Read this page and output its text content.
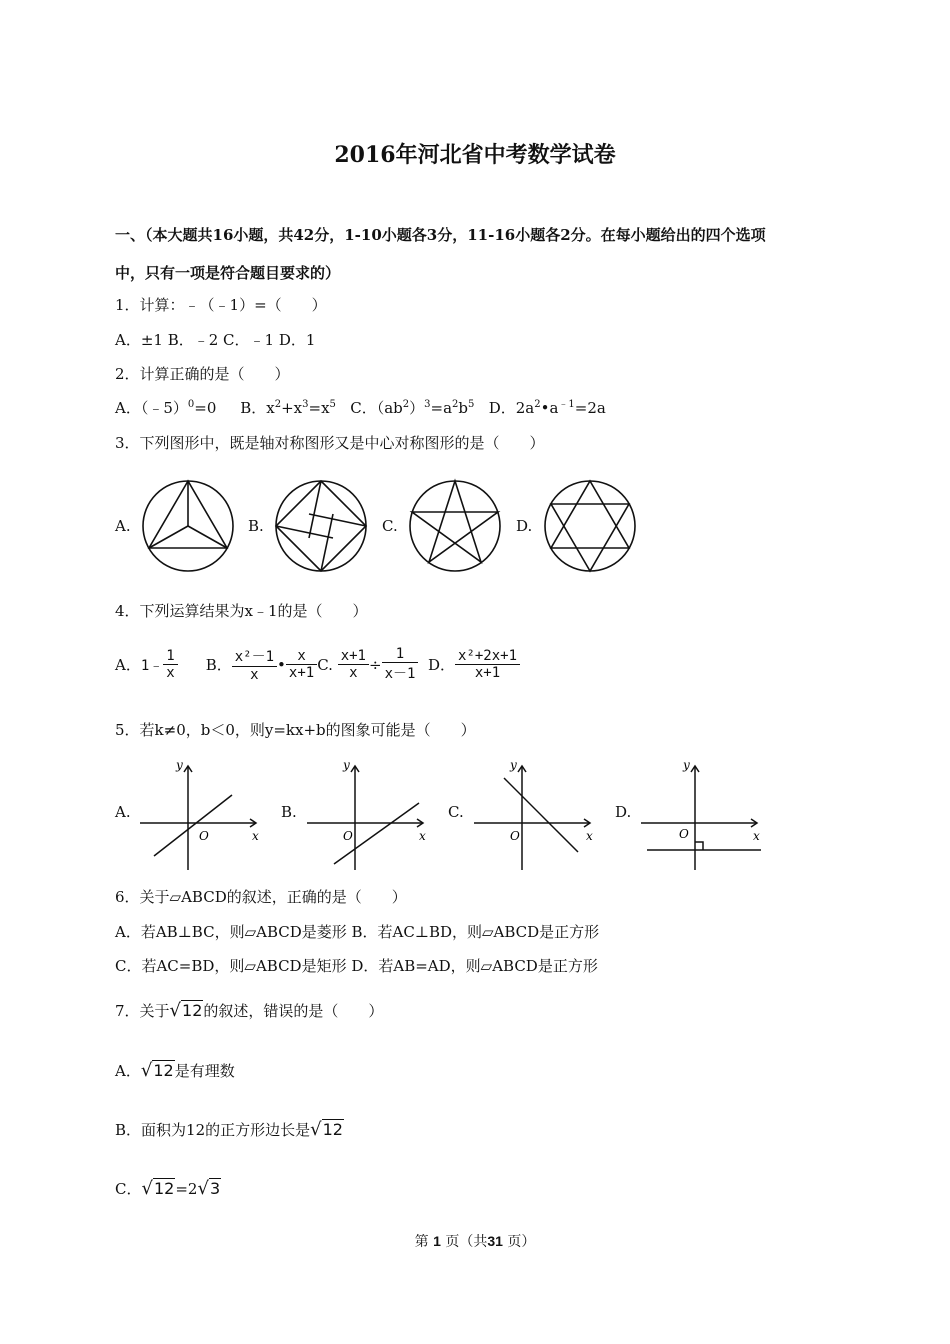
2016年河北省中考数学试卷
一、（本大题共16小题，共42分，1-10小题各3分，11-16小题各2分。在每小题给出的四个选项
中，只有一项是符合题目要求的）
1．计算：﹣（﹣1）=（　　）
A．±1 B．﹣2 C．﹣1 D．1
2．计算正确的是（　　）
A．（﹣5）$^0$=0 B．$x^2+x^3=x^5$ C．$(ab^2)^3=a^2b^5$ D．$2a^2•a^{﹣1}=2a$
3．下列图形中，既是轴对称图形又是中心对称图形的是（　　）
A.	B.	C.	D.
4．下列运算结果为x﹣1的是（　　）
A． 1﹣ $\frac{1}{x}$ B． $\frac{\text{x²－1}}{x}$ • $\frac{x}{x+1} C$.
$\frac{x+1}{x} \div \frac{1}{x-1}$
D． $\frac{\text{x²+2x+1}}{x+1}$
5．若k≠0，b＜0，则y=kx+b的图象可能是（　　）
A.	B.	C.	D.
y
x
O
y
x
O
y
x
O
y
x
O
6．关于▱ABCD的叙述，正确的是（　　）
A．若AB⊥BC，则▱ABCD是菱形 B．若AC⊥BD，则▱ABCD是正方形
C．若AC=BD，则▱ABCD是矩形 D．若AB=AD，则▱ABCD是正方形
7．关于√12的叙述，错误的是（　　）
A．√12是有理数
B．面积为12的正方形边长是√12
C．√12=2√3
第 1 页（共31 页）
